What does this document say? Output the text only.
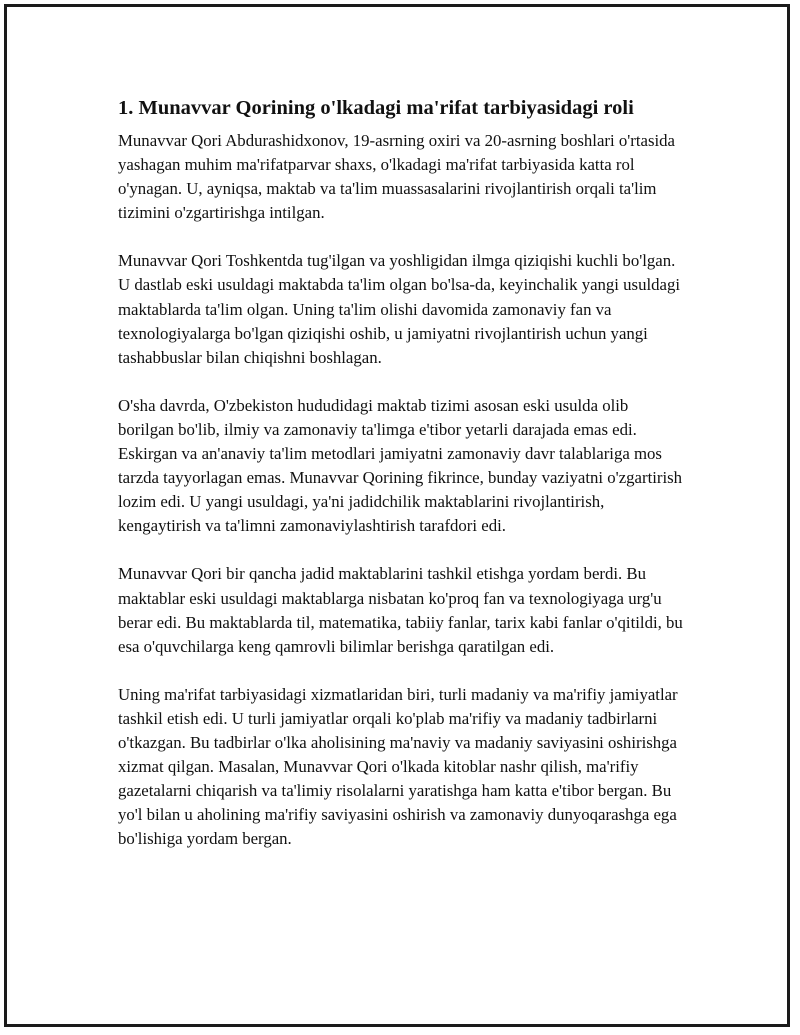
1. Munavvar Qorining o'lkadagi ma'rifat tarbiyasidagi roli

Munavvar Qori Abdurashidxonov, 19-asrning oxiri va 20-asrning boshlari o'rtasida yashagan muhim ma'rifatparvar shaxs, o'lkadagi ma'rifat tarbiyasida katta rol o'ynagan. U, ayniqsa, maktab va ta'lim muassasalarini rivojlantirish orqali ta'lim tizimini o'zgartirishga intilgan.

Munavvar Qori Toshkentda tug'ilgan va yoshligidan ilmga qiziqishi kuchli bo'lgan. U dastlab eski usuldagi maktabda ta'lim olgan bo'lsa-da, keyinchalik yangi usuldagi maktablarda ta'lim olgan. Uning ta'lim olishi davomida zamonaviy fan va texnologiyalarga bo'lgan qiziqishi oshib, u jamiyatni rivojlantirish uchun yangi tashabbuslar bilan chiqishni boshlagan.

O'sha davrda, O'zbekiston hududidagi maktab tizimi asosan eski usulda olib borilgan bo'lib, ilmiy va zamonaviy ta'limga e'tibor yetarli darajada emas edi. Eskirgan va an'anaviy ta'lim metodlari jamiyatni zamonaviy davr talablariga mos tarzda tayyorlagan emas. Munavvar Qorining fikrince, bunday vaziyatni o'zgartirish lozim edi. U yangi usuldagi, ya'ni jadidchilik maktablarini rivojlantirish, kengaytirish va ta'limni zamonaviylashtirish tarafdori edi.

Munavvar Qori bir qancha jadid maktablarini tashkil etishga yordam berdi. Bu maktablar eski usuldagi maktablarga nisbatan ko'proq fan va texnologiyaga urg'u berar edi. Bu maktablarda til, matematika, tabiiy fanlar, tarix kabi fanlar o'qitildi, bu esa o'quvchilarga keng qamrovli bilimlar berishga qaratilgan edi.

Uning ma'rifat tarbiyasidagi xizmatlaridan biri, turli madaniy va ma'rifiy jamiyatlar tashkil etish edi. U turli jamiyatlar orqali ko'plab ma'rifiy va madaniy tadbirlarni o'tkazgan. Bu tadbirlar o'lka aholisining ma'naviy va madaniy saviyasini oshirishga xizmat qilgan. Masalan, Munavvar Qori o'lkada kitoblar nashr qilish, ma'rifiy gazetalarni chiqarish va ta'limiy risolalarni yaratishga ham katta e'tibor bergan. Bu yo'l bilan u aholining ma'rifiy saviyasini oshirish va zamonaviy dunyoqarashga ega bo'lishiga yordam bergan.
